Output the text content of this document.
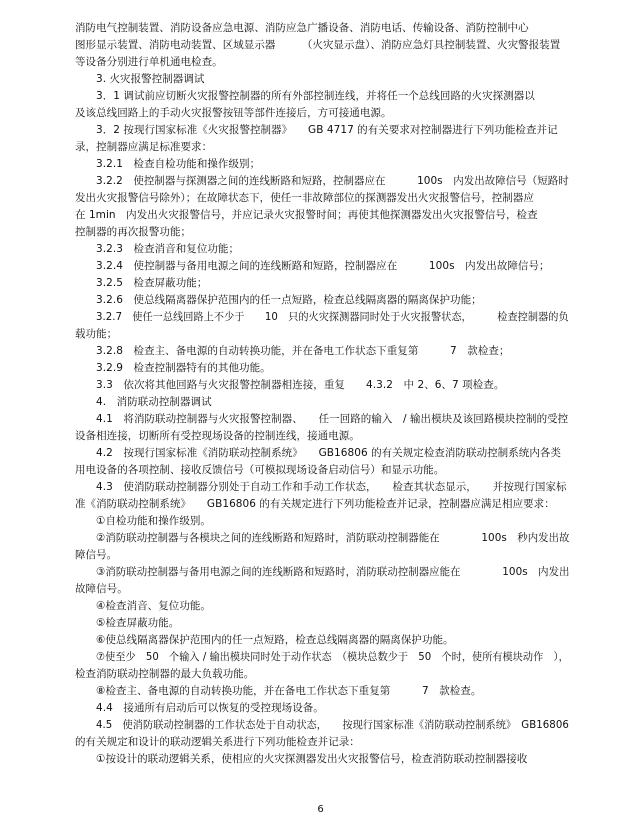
消防电气控制装置、消防设备应急电源、消防应急广播设备、消防电话、传输设备、消防控制中心
图形显示装置、消防电动装置、区域显示器　　　（火灾显示盘）、消防应急灯具控制装置、火灾警报装置
等设备分别进行单机通电检查。
3. 火灾报警控制器调试
3．1 调试前应切断火灾报警控制器的所有外部控制连线，并将任一个总线回路的火灾探测器以
及该总线回路上的手动火灾报警按钮等部件连接后，方可接通电源。
3．2 按现行国家标准《火灾报警控制器》　　GB 4717 的有关要求对控制器进行下列功能检查并记
录，控制器应满足标准要求：
3.2.1　检查自检功能和操作级别；
3.2.2　使控制器与探测器之间的连线断路和短路，控制器应在　　　100s　内发出故障信号（短路时
发出火灾报警信号除外）；在故障状态下，使任一非故障部位的探测器发出火灾报警信号，控制器应
在 1min　内发出火灾报警信号，并应记录火灾报警时间；再使其他探测器发出火灾报警信号，检查
控制器的再次报警功能；
3.2.3　检查消音和复位功能；
3.2.4　使控制器与备用电源之间的连线断路和短路，控制器应在　　　100s　内发出故障信号；
3.2.5　检查屏蔽功能；
3.2.6　使总线隔离器保护范围内的任一点短路，检查总线隔离器的隔离保护功能；
3.2.7　使任一总线回路上不少于　　10　只的火灾探测器同时处于火灾报警状态，　　　检查控制器的负
载功能；
3.2.8　检查主、备电源的自动转换功能，并在备电工作状态下重复第　　　7　款检查；
3.2.9　检查控制器特有的其他功能。
3.3　依次将其他回路与火灾报警控制器相连接，重复　　4.3.2　中 2、6、7 项检查。
4.　消防联动控制器调试
4.1　将消防联动控制器与火灾报警控制器、　　任一回路的输入　/ 输出模块及该回路模块控制的受控
设备相连接，切断所有受控现场设备的控制连线，接通电源。
4.2　按现行国家标准《消防联动控制系统》　　GB16806 的有关规定检查消防联动控制系统内各类
用电设备的各项控制、接收反馈信号（可模拟现场设备启动信号）和显示功能。
4.3　使消防联动控制器分别处于自动工作和手动工作状态，　　检查其状态显示，　　并按现行国家标
准《消防联动控制系统》　　GB16806 的有关规定进行下列功能检查并记录，控制器应满足相应要求：
①自检功能和操作级别。
②消防联动控制器与各模块之间的连线断路和短路时，消防联动控制器能在　　　　100s　秒内发出故
障信号。
③消防联动控制器与备用电源之间的连线断路和短路时，消防联动控制器应能在　　　　100s　内发出
故障信号。
④检查消音、复位功能。
⑤检查屏蔽功能。
⑥使总线隔离器保护范围内的任一点短路，检查总线隔离器的隔离保护功能。
⑦使至少　50　个输入 / 输出模块同时处于动作状态　（模块总数少于　50　个时，使所有模块动作　），
检查消防联动控制器的最大负载功能。
⑧检查主、备电源的自动转换功能，并在备电工作状态下重复第　　　7　款检查。
4.4　接通所有启动后可以恢复的受控现场设备。
4.5　使消防联动控制器的工作状态处于自动状态，　　按现行国家标准《消防联动控制系统》　GB16806
的有关规定和设计的联动逻辑关系进行下列功能检查并记录：
①按设计的联动逻辑关系，使相应的火灾探测器发出火灾报警信号，检查消防联动控制器接收
6
